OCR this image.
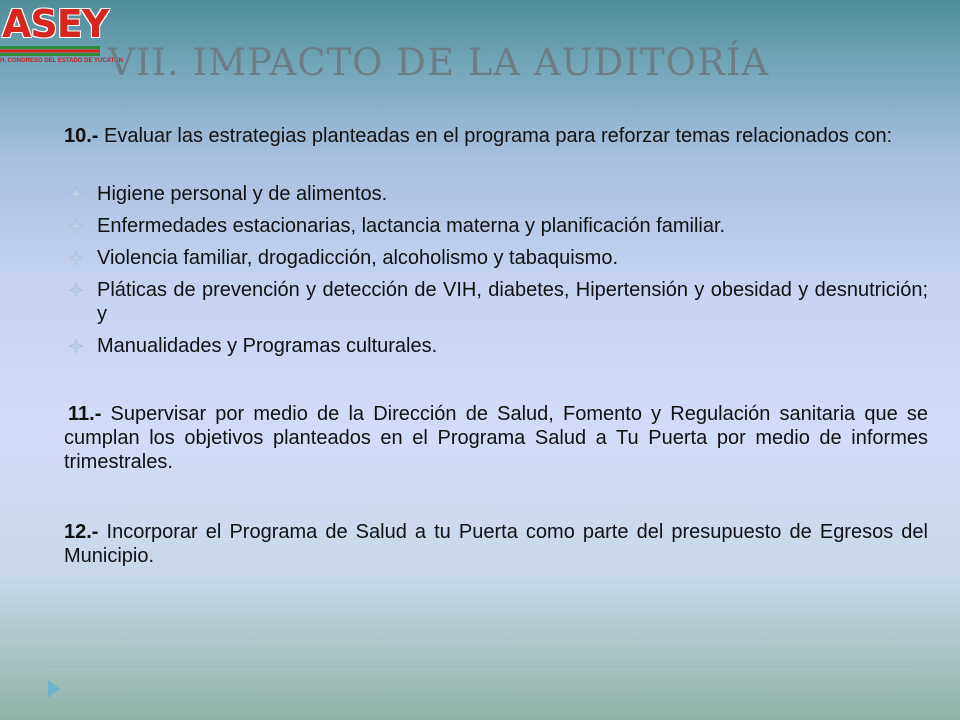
ASEY
H. CONGRESO DEL ESTADO DE YUCATÁN
VII. IMPACTO DE LA AUDITORÍA
10.- Evaluar las estrategias planteadas en el programa para reforzar temas relacionados con:
Higiene personal y de alimentos.
Enfermedades estacionarias, lactancia materna y planificación familiar.
Violencia familiar, drogadicción, alcoholismo y tabaquismo.
Pláticas de prevención y detección de VIH, diabetes, Hipertensión y obesidad y desnutrición; y
Manualidades y Programas culturales.
11.- Supervisar por medio de la Dirección de Salud, Fomento y Regulación sanitaria que se cumplan los objetivos planteados en el Programa Salud a Tu Puerta por medio de informes trimestrales.
12.- Incorporar el Programa de Salud a tu Puerta como parte del presupuesto de Egresos del Municipio.
